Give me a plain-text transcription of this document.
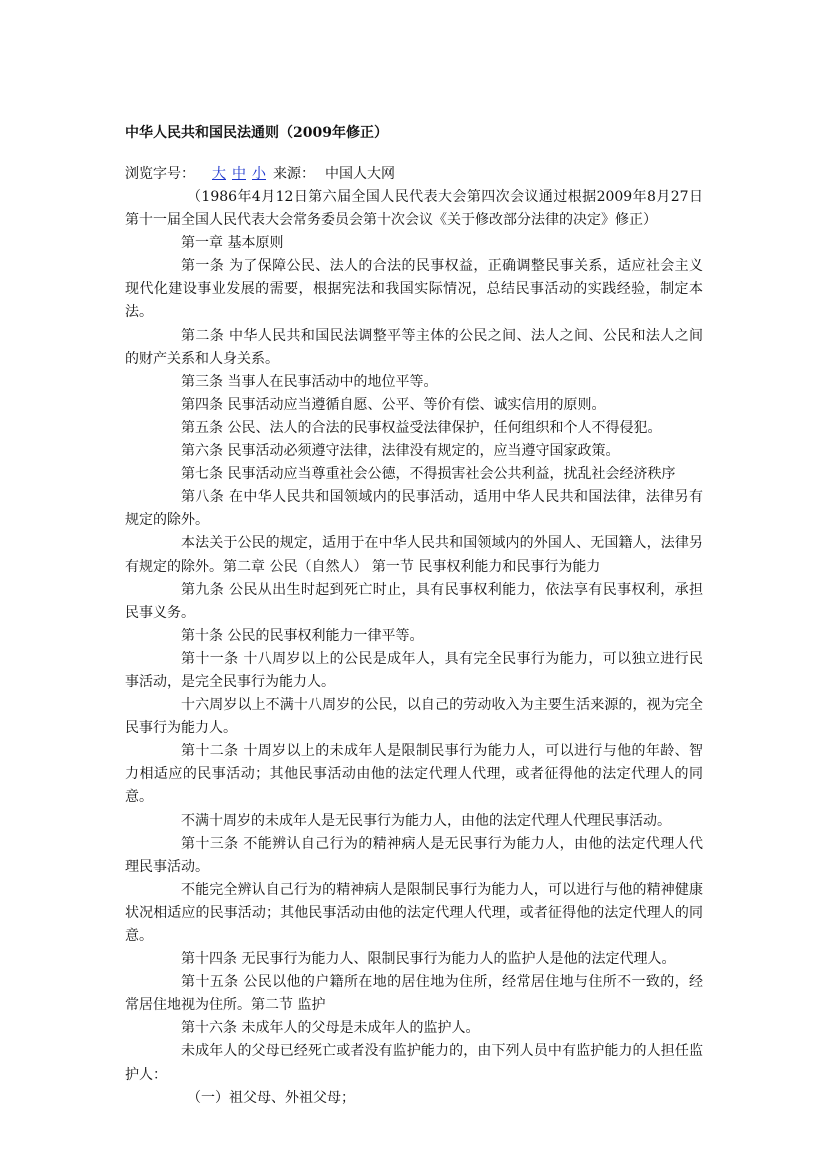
中华人民共和国民法通则（2009年修正）
浏览字号： 大 中 小 来源： 中国人大网

（1986年4月12日第六届全国人民代表大会第四次会议通过根据2009年8月27日第十一届全国人民代表大会常务委员会第十次会议《关于修改部分法律的决定》修正）

第一章 基本原则

第一条 为了保障公民、法人的合法的民事权益，正确调整民事关系，适应社会主义现代化建设事业发展的需要，根据宪法和我国实际情况，总结民事活动的实践经验，制定本法。

第二条 中华人民共和国民法调整平等主体的公民之间、法人之间、公民和法人之间的财产关系和人身关系。

第三条 当事人在民事活动中的地位平等。

第四条 民事活动应当遵循自愿、公平、等价有偿、诚实信用的原则。

第五条 公民、法人的合法的民事权益受法律保护，任何组织和个人不得侵犯。

第六条 民事活动必须遵守法律，法律没有规定的，应当遵守国家政策。

第七条 民事活动应当尊重社会公德，不得损害社会公共利益，扰乱社会经济秩序

第八条 在中华人民共和国领域内的民事活动，适用中华人民共和国法律，法律另有规定的除外。

本法关于公民的规定，适用于在中华人民共和国领域内的外国人、无国籍人，法律另有规定的除外。第二章 公民（自然人） 第一节 民事权利能力和民事行为能力

第九条 公民从出生时起到死亡时止，具有民事权利能力，依法享有民事权利，承担民事义务。

第十条 公民的民事权利能力一律平等。

第十一条 十八周岁以上的公民是成年人，具有完全民事行为能力，可以独立进行民事活动，是完全民事行为能力人。

十六周岁以上不满十八周岁的公民，以自己的劳动收入为主要生活来源的，视为完全民事行为能力人。

第十二条 十周岁以上的未成年人是限制民事行为能力人，可以进行与他的年龄、智力相适应的民事活动；其他民事活动由他的法定代理人代理，或者征得他的法定代理人的同意。

不满十周岁的未成年人是无民事行为能力人，由他的法定代理人代理民事活动。

第十三条 不能辨认自己行为的精神病人是无民事行为能力人，由他的法定代理人代理民事活动。

不能完全辨认自己行为的精神病人是限制民事行为能力人，可以进行与他的精神健康状况相适应的民事活动；其他民事活动由他的法定代理人代理，或者征得他的法定代理人的同意。

第十四条 无民事行为能力人、限制民事行为能力人的监护人是他的法定代理人。

第十五条 公民以他的户籍所在地的居住地为住所，经常居住地与住所不一致的，经常居住地视为住所。第二节 监护

第十六条 未成年人的父母是未成年人的监护人。

未成年人的父母已经死亡或者没有监护能力的，由下列人员中有监护能力的人担任监护人：

（一）祖父母、外祖父母；
